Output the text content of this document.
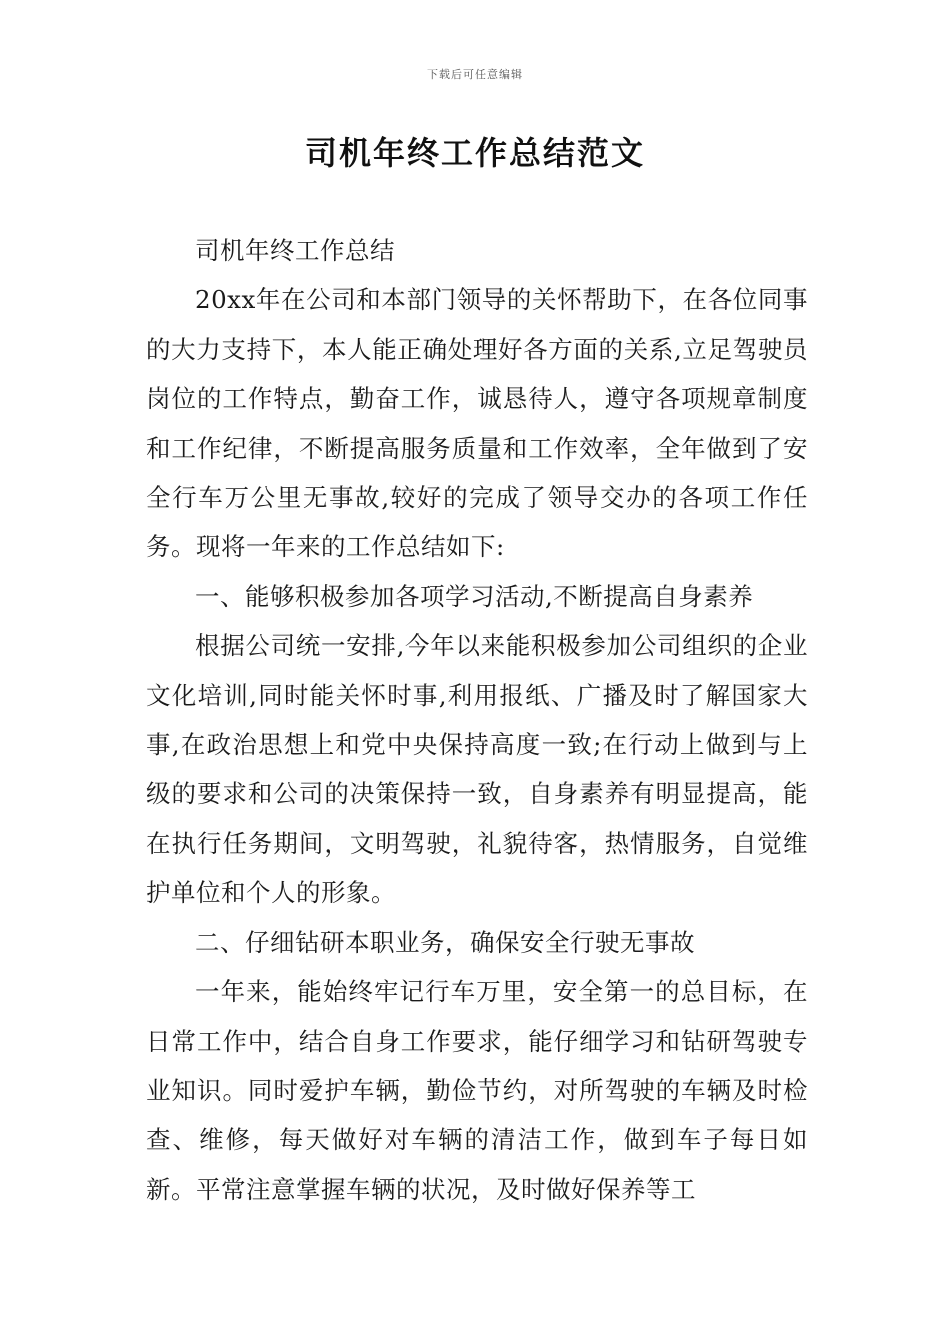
下载后可任意编辑
司机年终工作总结范文

司机年终工作总结

20xx年在公司和本部门领导的关怀帮助下，在各位同事的大力支持下，本人能正确处理好各方面的关系,立足驾驶员岗位的工作特点，勤奋工作，诚恳待人，遵守各项规章制度和工作纪律，不断提高服务质量和工作效率，全年做到了安全行车万公里无事故,较好的完成了领导交办的各项工作任务。现将一年来的工作总结如下:

一、能够积极参加各项学习活动,不断提高自身素养

根据公司统一安排,今年以来能积极参加公司组织的企业文化培训,同时能关怀时事,利用报纸、广播及时了解国家大事,在政治思想上和党中央保持高度一致;在行动上做到与上级的要求和公司的决策保持一致，自身素养有明显提高，能在执行任务期间，文明驾驶，礼貌待客，热情服务，自觉维护单位和个人的形象。

二、仔细钻研本职业务，确保安全行驶无事故

一年来，能始终牢记行车万里，安全第一的总目标，在日常工作中，结合自身工作要求，能仔细学习和钻研驾驶专业知识。同时爱护车辆，勤俭节约，对所驾驶的车辆及时检查、维修，每天做好对车辆的清洁工作，做到车子每日如新。平常注意掌握车辆的状况，及时做好保养等工
